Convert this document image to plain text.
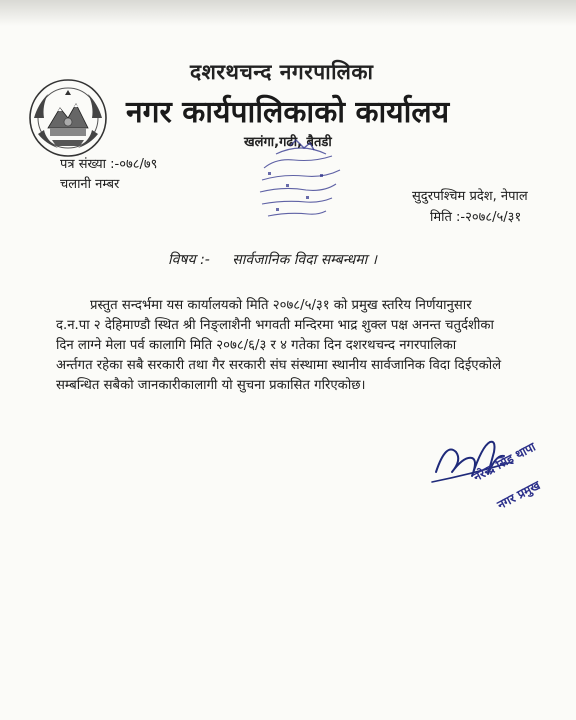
दशरथचन्द नगरपालिका
नगर कार्यपालिकाको कार्यालय
खलंगा,गढी, बैतडी
पत्र संख्या :-०७८/७९
चलानी नम्बर
सुदुरपश्चिम प्रदेश, नेपाल
मिति :-२०७८/५/३१
विषय :- सार्वजानिक विदा सम्बन्धमा ।
प्रस्तुत सन्दर्भमा यस कार्यालयको मिति २०७८/५/३१ को प्रमुख स्तरिय निर्णयानुसार
द.न.पा २ देहिमाण्डौ स्थित श्री निङ्लाशैनी भगवती मन्दिरमा भाद्र शुक्ल पक्ष अनन्त चतुर्दशीका
दिन लाग्ने मेला पर्व कालागि मिति २०७८/६/३ र ४ गतेका दिन दशरथचन्द नगरपालिका
अर्न्तगत रहेका सबै सरकारी तथा गैर सरकारी संघ संस्थामा स्थानीय सार्वजानिक विदा दिईएकोले
सम्बन्धित सबैको जानकारीकालागी यो सुचना प्रकासित गरिएकोछ।
नरेन्द्र सिंह थापा
नगर प्रमुख
